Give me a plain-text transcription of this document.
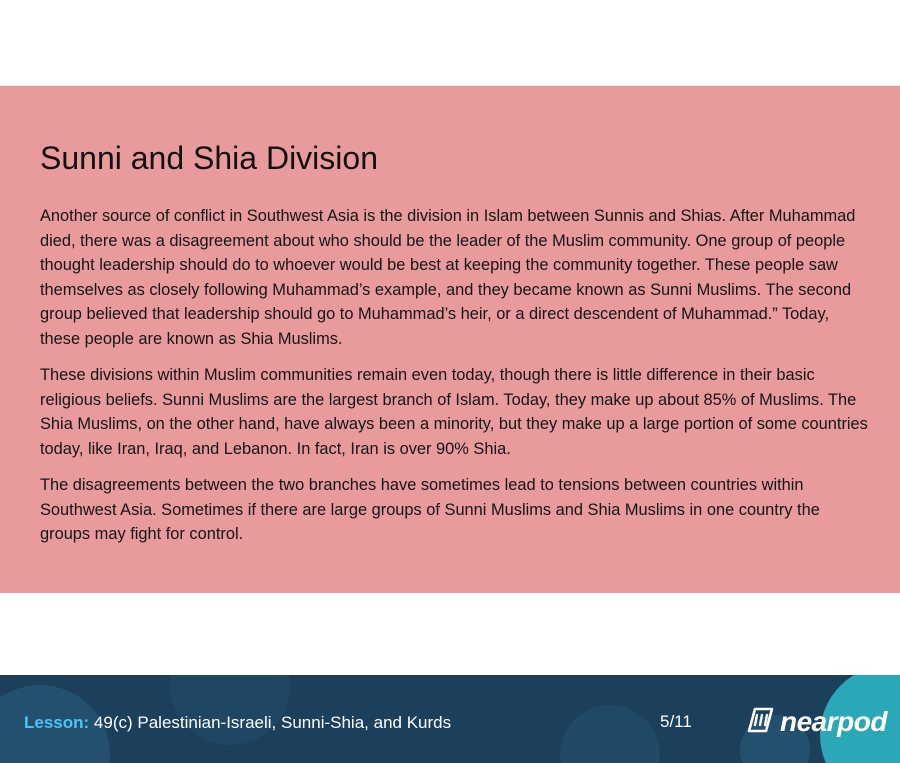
Sunni and Shia Division

Another source of conflict in Southwest Asia is the division in Islam between Sunnis and Shias. After Muhammad died, there was a disagreement about who should be the leader of the Muslim community. One group of people thought leadership should do to whoever would be best at keeping the community together. These people saw themselves as closely following Muhammad’s example, and they became known as Sunni Muslims. The second group believed that leadership should go to Muhammad’s heir, or a direct descendent of Muhammad.” Today, these people are known as Shia Muslims.

These divisions within Muslim communities remain even today, though there is little difference in their basic religious beliefs. Sunni Muslims are the largest branch of Islam. Today, they make up about 85% of Muslims. The Shia Muslims, on the other hand, have always been a minority, but they make up a large portion of some countries today, like Iran, Iraq, and Lebanon. In fact, Iran is over 90% Shia.

The disagreements between the two branches have sometimes lead to tensions between countries within Southwest Asia. Sometimes if there are large groups of Sunni Muslims and Shia Muslims in one country the groups may fight for control.

Lesson: 49(c) Palestinian-Israeli, Sunni-Shia, and Kurds	5/11	nearpod
